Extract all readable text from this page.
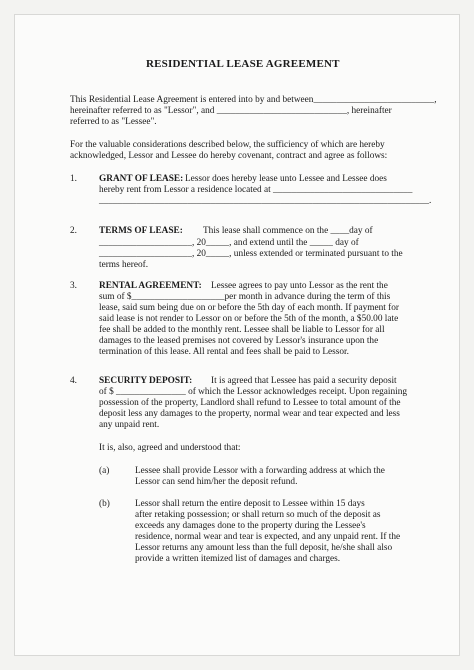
RESIDENTIAL LEASE AGREEMENT
This Residential Lease Agreement is entered into by and between__________________________,
hereinafter referred to as "Lessor", and ____________________________, hereinafter
referred to as "Lessee".
For the valuable considerations described below, the sufficiency of which are hereby
acknowledged, Lessor and Lessee do hereby covenant, contract and agree as follows:
1. GRANT OF LEASE: Lessor does hereby lease unto Lessee and Lessee does
hereby rent from Lessor a residence located at ______________________________
_______________________________________________________________________.
2. TERMS OF LEASE: This lease shall commence on the ____day of
____________________, 20_____, and extend until the _____ day of
____________________, 20_____, unless extended or terminated pursuant to the
terms hereof.
3. RENTAL AGREEMENT: Lessee agrees to pay unto Lessor as the rent the
sum of $____________________per month in advance during the term of this
lease, said sum being due on or before the 5th day of each month. If payment for
said lease is not render to Lessor on or before the 5th of the month, a $50.00 late
fee shall be added to the monthly rent. Lessee shall be liable to Lessor for all
damages to the leased premises not covered by Lessor's insurance upon the
termination of this lease. All rental and fees shall be paid to Lessor.
4. SECURITY DEPOSIT: It is agreed that Lessee has paid a security deposit
of $ _______________ of which the Lessor acknowledges receipt. Upon regaining
possession of the property, Landlord shall refund to Lessee to total amount of the
deposit less any damages to the property, normal wear and tear expected and less
any unpaid rent.
It is, also, agreed and understood that:
(a)	Lessee shall provide Lessor with a forwarding address at which the
Lessor can send him/her the deposit refund.
(b)	Lessor shall return the entire deposit to Lessee within 15 days
after retaking possession; or shall return so much of the deposit as
exceeds any damages done to the property during the Lessee's
residence, normal wear and tear is expected, and any unpaid rent. If the
Lessor returns any amount less than the full deposit, he/she shall also
provide a written itemized list of damages and charges.
